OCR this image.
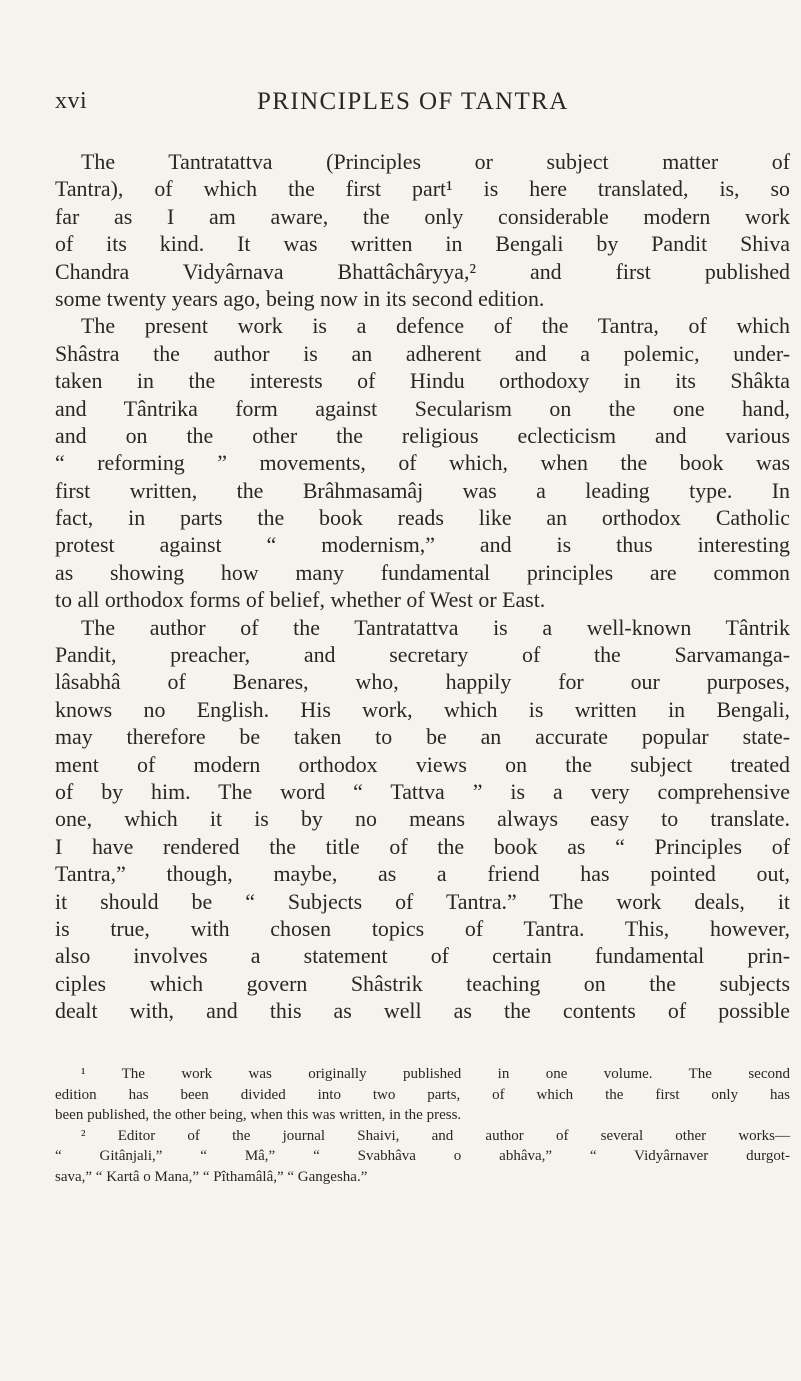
xvi	PRINCIPLES OF TANTRA
The Tantratattva (Principles or subject matter of
Tantra), of which the first part¹ is here translated, is, so
far as I am aware, the only considerable modern work
of its kind. It was written in Bengali by Pandit Shiva
Chandra Vidyârnava Bhattâchâryya,² and first published
some twenty years ago, being now in its second edition.
The present work is a defence of the Tantra, of which
Shâstra the author is an adherent and a polemic, under-
taken in the interests of Hindu orthodoxy in its Shâkta
and Tântrika form against Secularism on the one hand,
and on the other the religious eclecticism and various
“ reforming ” movements, of which, when the book was
first written, the Brâhmasamâj was a leading type. In
fact, in parts the book reads like an orthodox Catholic
protest against “ modernism,” and is thus interesting
as showing how many fundamental principles are common
to all orthodox forms of belief, whether of West or East.
The author of the Tantratattva is a well-known Tântrik
Pandit, preacher, and secretary of the Sarvamanga-
lâsabhâ of Benares, who, happily for our purposes,
knows no English. His work, which is written in Bengali,
may therefore be taken to be an accurate popular state-
ment of modern orthodox views on the subject treated
of by him. The word “ Tattva ” is a very comprehensive
one, which it is by no means always easy to translate.
I have rendered the title of the book as “ Principles of
Tantra,” though, maybe, as a friend has pointed out,
it should be “ Subjects of Tantra.” The work deals, it
is true, with chosen topics of Tantra. This, however,
also involves a statement of certain fundamental prin-
ciples which govern Shâstrik teaching on the subjects
dealt with, and this as well as the contents of possible
¹ The work was originally published in one volume. The second
edition has been divided into two parts, of which the first only has
been published, the other being, when this was written, in the press.
² Editor of the journal Shaivi, and author of several other works—
“ Gitânjali,” “ Mâ,” “ Svabhâva o abhâva,” “ Vidyârnaver durgot-
sava,” “ Kartâ o Mana,” “ Pîthamâlâ,” “ Gangesha.”
